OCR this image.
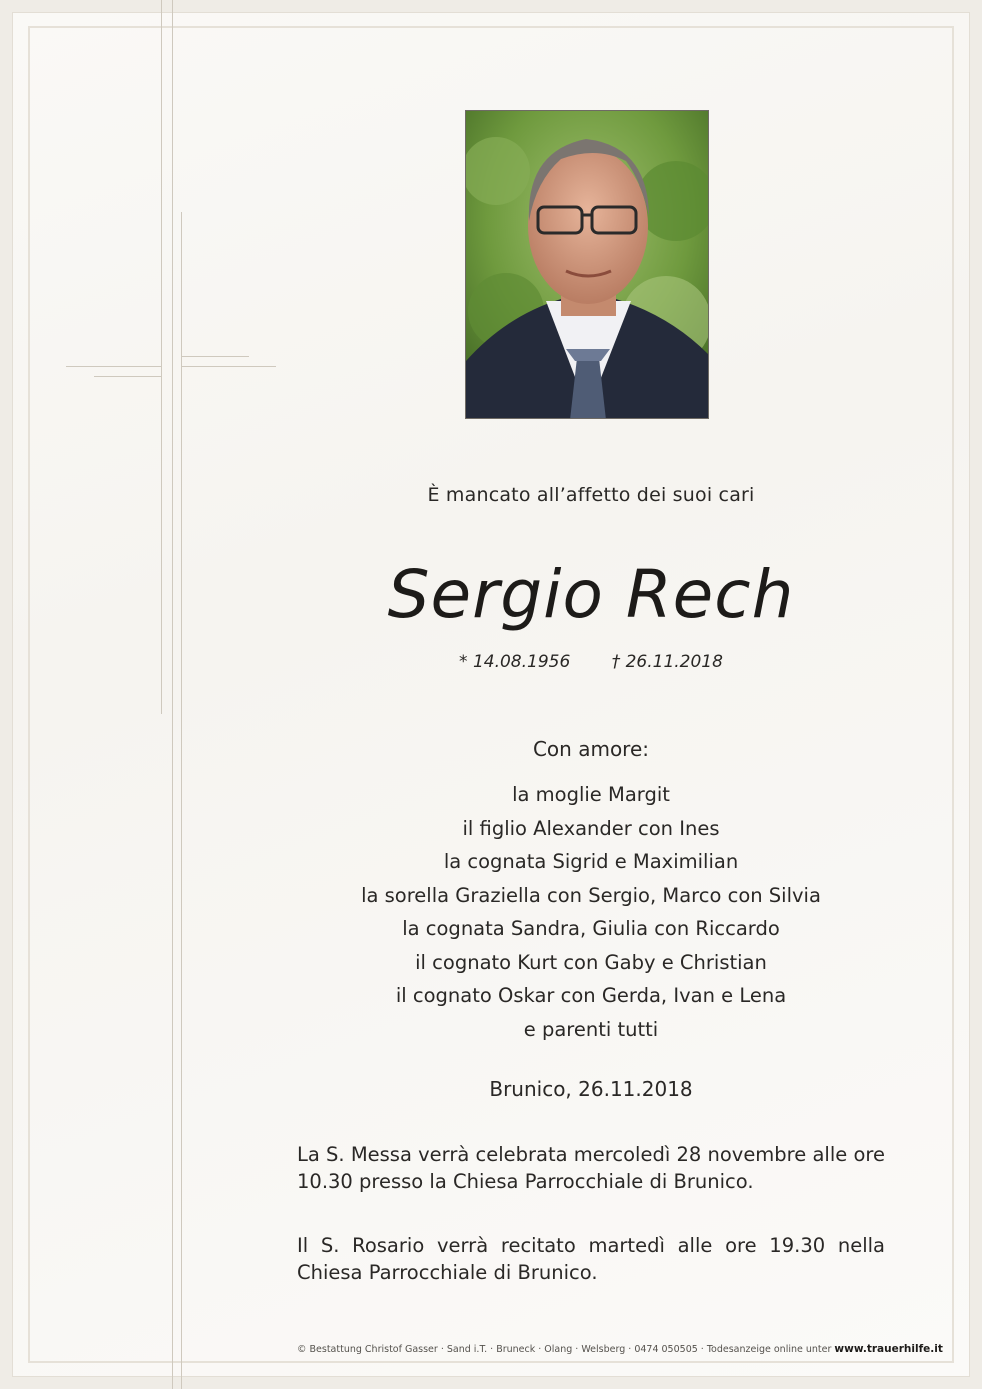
È mancato all’affetto dei suoi cari
Sergio Rech
* 14.08.1956 † 26.11.2018
Con amore:
la moglie Margit
il figlio Alexander con Ines
la cognata Sigrid e Maximilian
la sorella Graziella con Sergio, Marco con Silvia
la cognata Sandra, Giulia con Riccardo
il cognato Kurt con Gaby e Christian
il cognato Oskar con Gerda, Ivan e Lena
e parenti tutti
Brunico, 26.11.2018
La S. Messa verrà celebrata mercoledì 28 novembre alle ore 10.30 presso la Chiesa Parrocchiale di Brunico.
Il S. Rosario verrà recitato martedì alle ore 19.30 nella Chiesa Parrocchiale di Brunico.
© Bestattung Christof Gasser · Sand i.T. · Bruneck · Olang · Welsberg · 0474 050505 · Todesanzeige online unter www.trauerhilfe.it
